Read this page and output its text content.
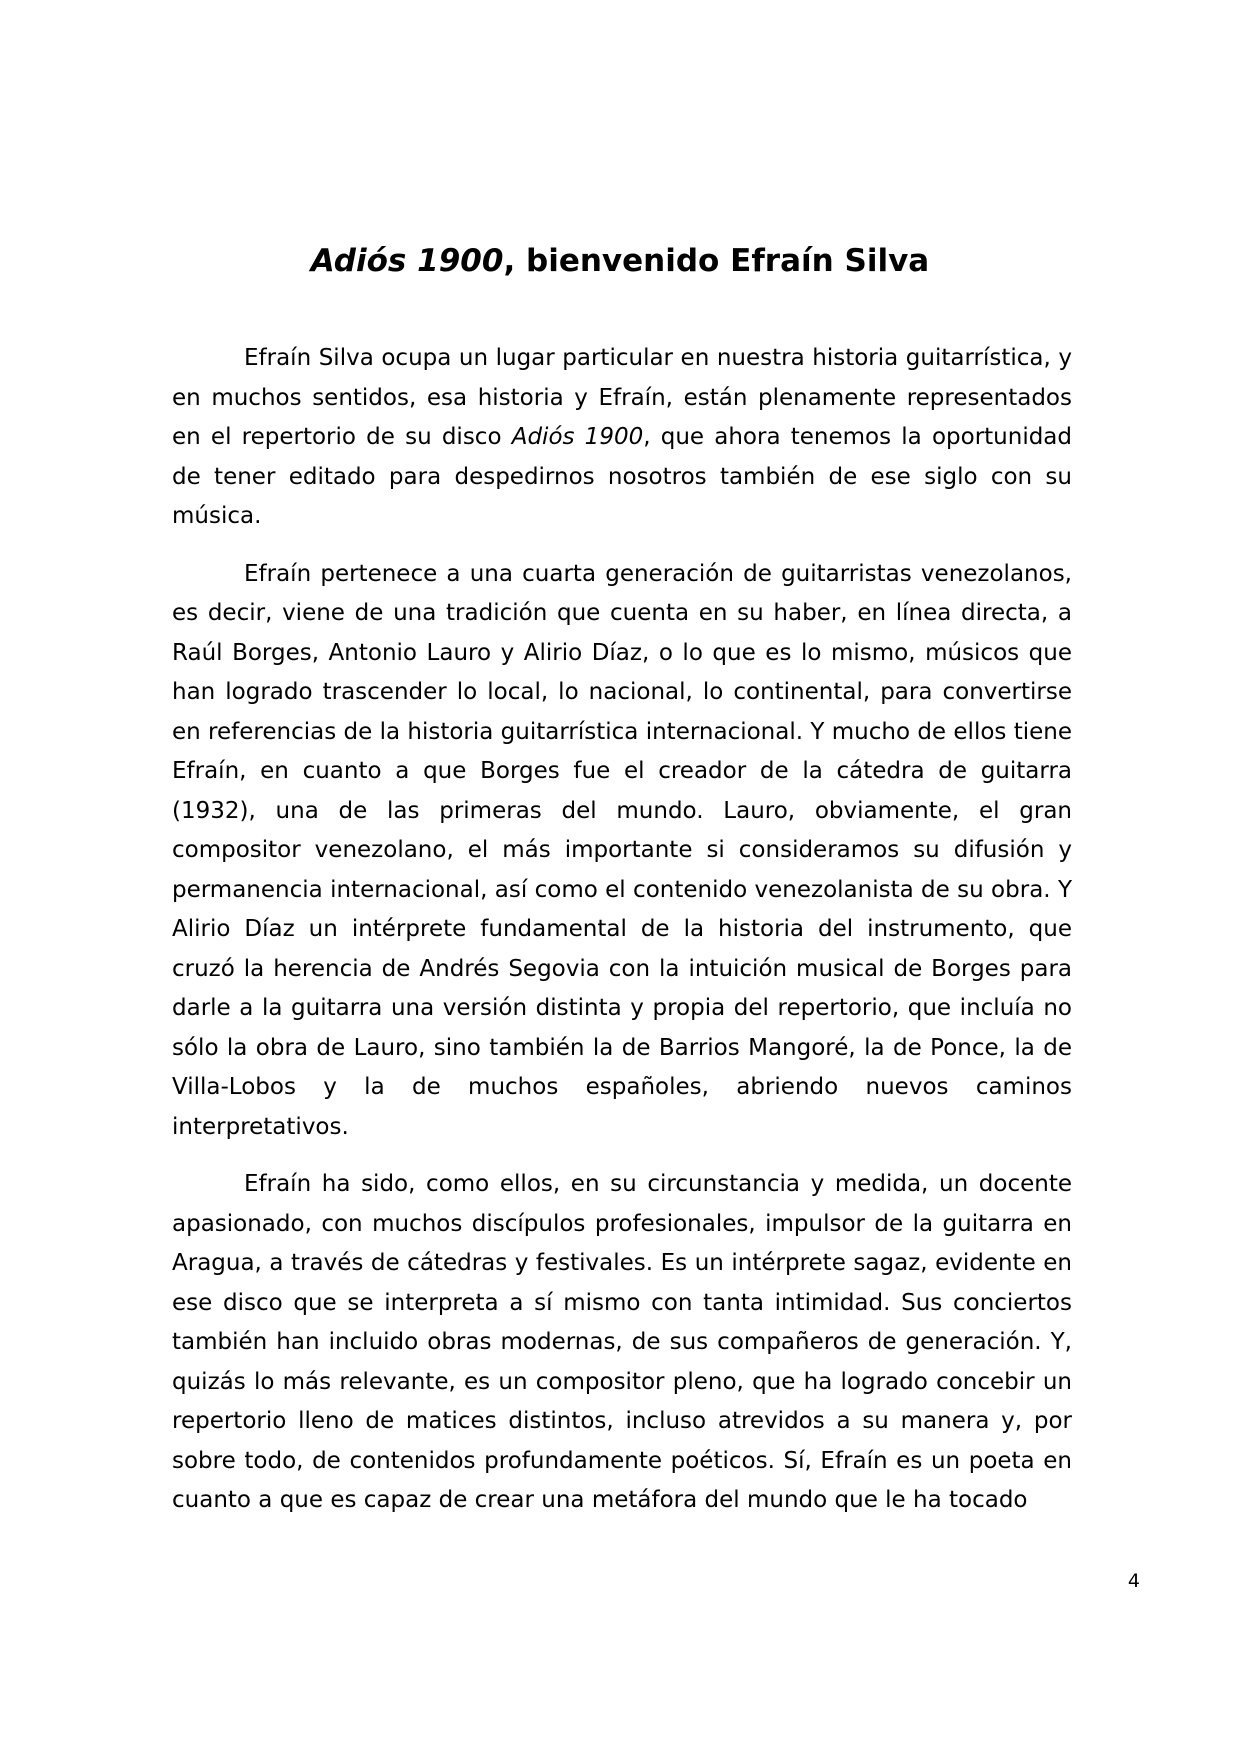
Adiós 1900, bienvenido Efraín Silva

Efraín Silva ocupa un lugar particular en nuestra historia guitarrística, y en muchos sentidos, esa historia y Efraín, están plenamente representados en el repertorio de su disco Adiós 1900, que ahora tenemos la oportunidad de tener editado para despedirnos nosotros también de ese siglo con su música.

Efraín pertenece a una cuarta generación de guitarristas venezolanos, es decir, viene de una tradición que cuenta en su haber, en línea directa, a Raúl Borges, Antonio Lauro y Alirio Díaz, o lo que es lo mismo, músicos que han logrado trascender lo local, lo nacional, lo continental, para convertirse en referencias de la historia guitarrística internacional. Y mucho de ellos tiene Efraín, en cuanto a que Borges fue el creador de la cátedra de guitarra (1932), una de las primeras del mundo. Lauro, obviamente, el gran compositor venezolano, el más importante si consideramos su difusión y permanencia internacional, así como el contenido venezolanista de su obra. Y Alirio Díaz un intérprete fundamental de la historia del instrumento, que cruzó la herencia de Andrés Segovia con la intuición musical de Borges para darle a la guitarra una versión distinta y propia del repertorio, que incluía no sólo la obra de Lauro, sino también la de Barrios Mangoré, la de Ponce, la de Villa-Lobos y la de muchos españoles, abriendo nuevos caminos interpretativos.

Efraín ha sido, como ellos, en su circunstancia y medida, un docente apasionado, con muchos discípulos profesionales, impulsor de la guitarra en Aragua, a través de cátedras y festivales. Es un intérprete sagaz, evidente en ese disco que se interpreta a sí mismo con tanta intimidad. Sus conciertos también han incluido obras modernas, de sus compañeros de generación. Y, quizás lo más relevante, es un compositor pleno, que ha logrado concebir un repertorio lleno de matices distintos, incluso atrevidos a su manera y, por sobre todo, de contenidos profundamente poéticos. Sí, Efraín es un poeta en cuanto a que es capaz de crear una metáfora del mundo que le ha tocado

4
